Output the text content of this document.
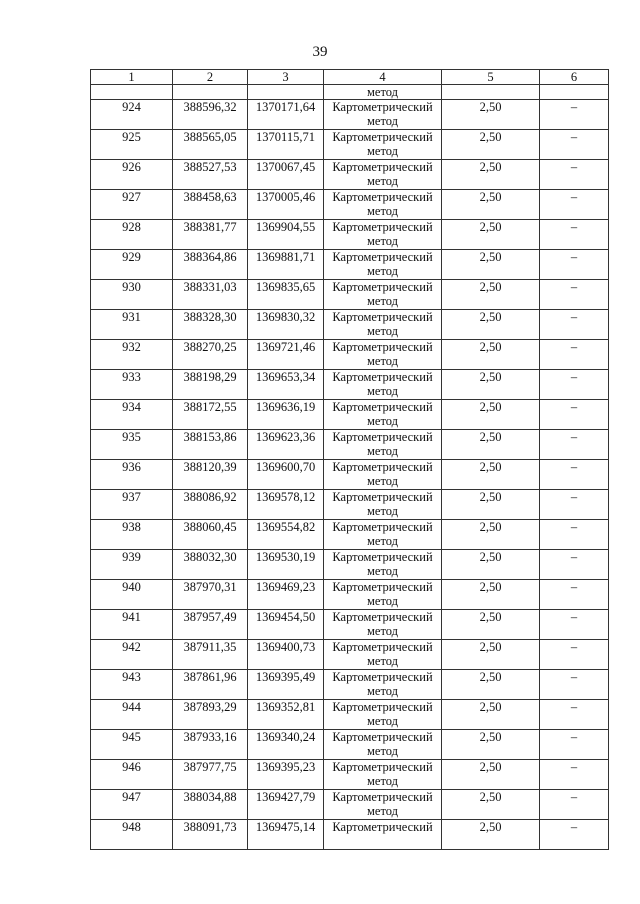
39
1	2	3	4	5	6
			метод		
924	388596,32	1370171,64	Картометрический метод	2,50	–
925	388565,05	1370115,71	Картометрический метод	2,50	–
926	388527,53	1370067,45	Картометрический метод	2,50	–
927	388458,63	1370005,46	Картометрический метод	2,50	–
928	388381,77	1369904,55	Картометрический метод	2,50	–
929	388364,86	1369881,71	Картометрический метод	2,50	–
930	388331,03	1369835,65	Картометрический метод	2,50	–
931	388328,30	1369830,32	Картометрический метод	2,50	–
932	388270,25	1369721,46	Картометрический метод	2,50	–
933	388198,29	1369653,34	Картометрический метод	2,50	–
934	388172,55	1369636,19	Картометрический метод	2,50	–
935	388153,86	1369623,36	Картометрический метод	2,50	–
936	388120,39	1369600,70	Картометрический метод	2,50	–
937	388086,92	1369578,12	Картометрический метод	2,50	–
938	388060,45	1369554,82	Картометрический метод	2,50	–
939	388032,30	1369530,19	Картометрический метод	2,50	–
940	387970,31	1369469,23	Картометрический метод	2,50	–
941	387957,49	1369454,50	Картометрический метод	2,50	–
942	387911,35	1369400,73	Картометрический метод	2,50	–
943	387861,96	1369395,49	Картометрический метод	2,50	–
944	387893,29	1369352,81	Картометрический метод	2,50	–
945	387933,16	1369340,24	Картометрический метод	2,50	–
946	387977,75	1369395,23	Картометрический метод	2,50	–
947	388034,88	1369427,79	Картометрический метод	2,50	–
948	388091,73	1369475,14	Картометрический	2,50	–
